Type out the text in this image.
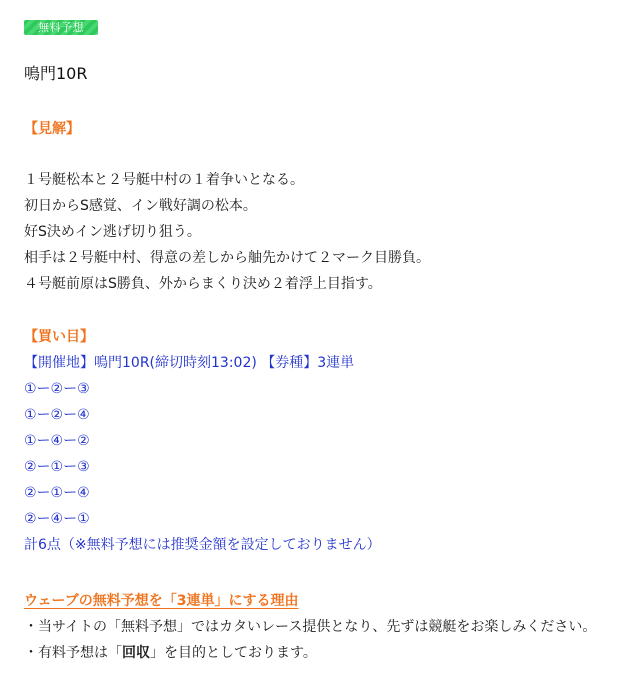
無料予想
鳴門10R
【見解】
１号艇松本と２号艇中村の１着争いとなる。
初日からS感覚、イン戦好調の松本。
好S決めイン逃げ切り狙う。
相手は２号艇中村、得意の差しから舳先かけて２マーク目勝負。
４号艇前原はS勝負、外からまくり決め２着浮上目指す。
【買い目】
【開催地】鳴門10R(締切時刻13:02) 【券種】3連単
①ー②ー③
①ー②ー④
①ー④ー②
②ー①ー③
②ー①ー④
②ー④ー①
計6点（※無料予想には推奨金額を設定しておりません）
ウェーブの無料予想を「3連単」にする理由
・当サイトの「無料予想」ではカタいレース提供となり、先ずは競艇をお楽しみください。
・有料予想は「回収」を目的としております。
